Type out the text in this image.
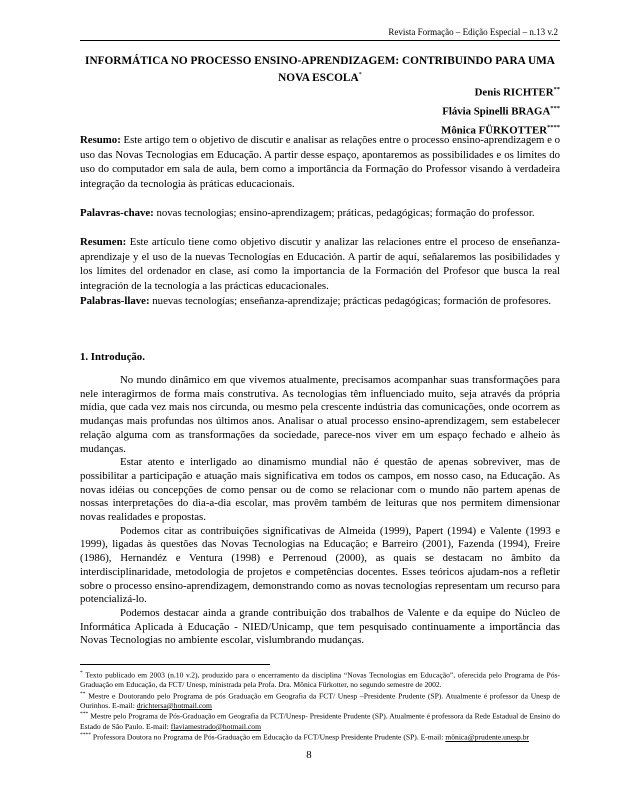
Revista Formação – Edição Especial – n.13 v.2
INFORMÁTICA NO PROCESSO ENSINO-APRENDIZAGEM: CONTRIBUINDO PARA UMA NOVA ESCOLA*
Denis RICHTER**
Flávia Spinelli BRAGA***
Mônica FÜRKOTTER****
Resumo: Este artigo tem o objetivo de discutir e analisar as relações entre o processo ensino-aprendizagem e o uso das Novas Tecnologias em Educação. A partir desse espaço, apontaremos as possibilidades e os limites do uso do computador em sala de aula, bem como a importância da Formação do Professor visando à verdadeira integração da tecnologia às práticas educacionais.
Palavras-chave: novas tecnologias; ensino-aprendizagem; práticas, pedagógicas; formação do professor.
Resumen: Este artículo tiene como objetivo discutir y analizar las relaciones entre el proceso de enseñanza-aprendizaje y el uso de la nuevas Tecnologías en Educación. A partir de aquí, señalaremos las posibilidades y los límites del ordenador en clase, así como la importancia de la Formación del Profesor que busca la real integración de la tecnología a las prácticas educacionales.
Palabras-llave: nuevas tecnologías; enseñanza-aprendizaje; prácticas pedagógicas; formación de profesores.
1. Introdução.

No mundo dinâmico em que vivemos atualmente, precisamos acompanhar suas transformações para nele interagirmos de forma mais construtiva. As tecnologias têm influenciado muito, seja através da própria mídia, que cada vez mais nos circunda, ou mesmo pela crescente indústria das comunicações, onde ocorrem as mudanças mais profundas nos últimos anos. Analisar o atual processo ensino-aprendizagem, sem estabelecer relação alguma com as transformações da sociedade, parece-nos viver em um espaço fechado e alheio às mudanças.

Estar atento e interligado ao dinamismo mundial não é questão de apenas sobreviver, mas de possibilitar a participação e atuação mais significativa em todos os campos, em nosso caso, na Educação. As novas idéias ou concepções de como pensar ou de como se relacionar com o mundo não partem apenas de nossas interpretações do dia-a-dia escolar, mas provêm também de leituras que nos permitem dimensionar novas realidades e propostas.

Podemos citar as contribuições significativas de Almeida (1999), Papert (1994) e Valente (1993 e 1999), ligadas às questões das Novas Tecnologias na Educação; e Barreiro (2001), Fazenda (1994), Freire (1986), Hernandéz e Ventura (1998) e Perrenoud (2000), as quais se destacam no âmbito da interdisciplinaridade, metodologia de projetos e competências docentes. Esses teóricos ajudam-nos a refletir sobre o processo ensino-aprendizagem, demonstrando como as novas tecnologias representam um recurso para potencializá-lo.

Podemos destacar ainda a grande contribuição dos trabalhos de Valente e da equipe do Núcleo de Informática Aplicada à Educação - NIED/Unicamp, que tem pesquisado continuamente a importância das Novas Tecnologias no ambiente escolar, vislumbrando mudanças.

* Texto publicado em 2003 (n.10 v.2), produzido para o encerramento da disciplina “Novas Tecnologias em Educação”, oferecida pelo Programa de Pós-Graduação em Educação, da FCT/ Unesp, ministrada pela Profa. Dra. Mônica Fürkotter, no segundo semestre de 2002.

** Mestre e Doutorando pelo Programa de pós Graduação em Geografia da FCT/ Unesp –Presidente Prudente (SP). Atualmente é professor da Unesp de Ourinhos. E-mail: drichtersa@hotmail.com

*** Mestre pelo Programa de Pós-Graduação em Geografia da FCT/Unesp- Presidente Prudente (SP). Atualmente é professora da Rede Estadual de Ensino do Estado de São Paulo. E-mail: flaviamestrado@hotmail.com

**** Professora Doutora no Programa de Pós-Graduação em Educação da FCT/Unesp Presidente Prudente (SP). E-mail: mônica@prudente.unesp.br

8
